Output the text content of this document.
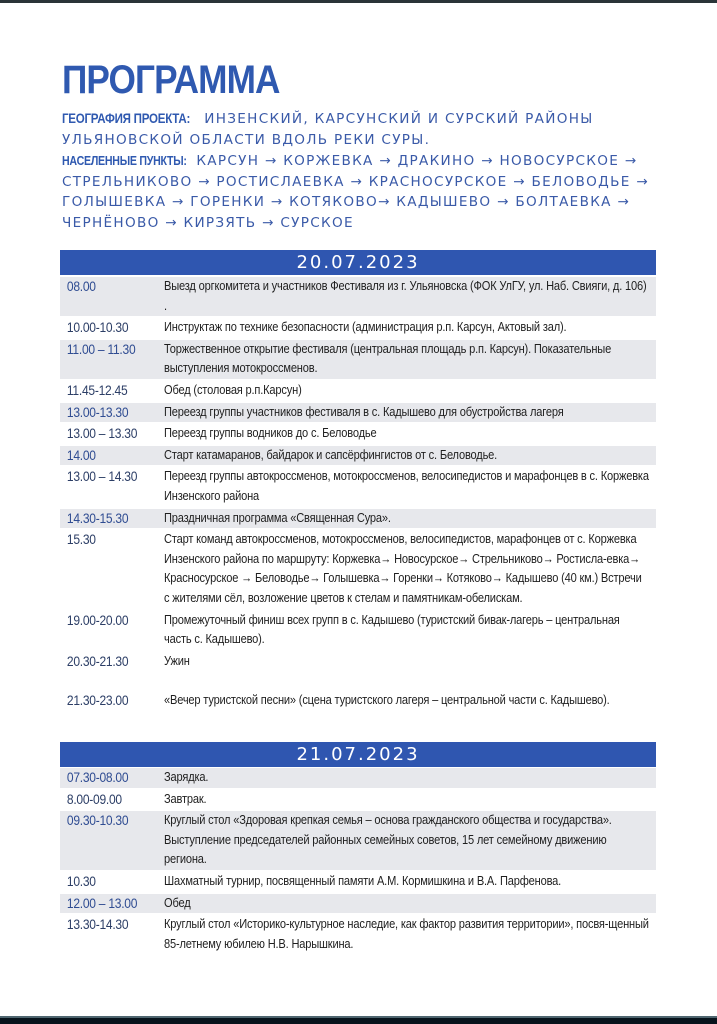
ПРОГРАММА

ГЕОГРАФИЯ ПРОЕКТА: ИНЗЕНСКИЙ, КАРСУНСКИЙ И СУРСКИЙ РАЙОНЫ УЛЬЯНОВСКОЙ ОБЛАСТИ ВДОЛЬ РЕКИ СУРЫ.

НАСЕЛЕННЫЕ ПУНКТЫ: КАРСУН → КОРЖЕВКА → ДРАКИНО → НОВОСУРСКОЕ → СТРЕЛЬНИКОВО → РОСТИСЛАЕВКА → КРАСНОСУРСКОЕ → БЕЛОВОДЬЕ → ГОЛЫШЕВКА → ГОРЕНКИ → КОТЯКОВО→ КАДЫШЕВО → БОЛТАЕВКА → ЧЕРНЁНОВО → КИРЗЯТЬ → СУРСКОЕ

20.07.2023
08.00	Выезд оргкомитета и участников Фестиваля из г. Ульяновска (ФОК УлГУ, ул. Наб. Свияги, д. 106) .
10.00-10.30	Инструктаж по технике безопасности (администрация р.п. Карсун, Актовый зал).
11.00 – 11.30	Торжественное открытие фестиваля (центральная площадь р.п. Карсун). Показательные выступления мотокроссменов.
11.45-12.45	Обед (столовая р.п.Карсун)
13.00-13.30	Переезд группы участников фестиваля в с. Кадышево для обустройства лагеря
13.00 – 13.30	Переезд группы водников до с. Беловодье
14.00	Старт катамаранов, байдарок и сапсёрфингистов от с. Беловодье.
13.00 – 14.30	Переезд группы автокроссменов, мотокроссменов, велосипедистов и марафонцев в с. Коржевка Инзенского района
14.30-15.30	Праздничная программа «Священная Сура».
15.30	Старт команд автокроссменов, мотокроссменов, велосипедистов, марафонцев от с. Коржевка Инзенского района по маршруту: Коржевка→ Новосурское→ Стрельниково→ Ростисла-евка→ Красносурское → Беловодье→ Голышевка→ Горенки→ Котяково→ Кадышево (40 км.) Встречи с жителями сёл, возложение цветов к стелам и памятникам-обелискам.
19.00-20.00	Промежуточный финиш всех групп в с. Кадышево (туристский бивак-лагерь – центральная часть с. Кадышево).
20.30-21.30	Ужин
21.30-23.00	«Вечер туристской песни» (сцена туристского лагеря – центральной части с. Кадышево).
21.07.2023
07.30-08.00	Зарядка.
8.00-09.00	Завтрак.
09.30-10.30	Круглый стол «Здоровая крепкая семья – основа гражданского общества и государства». Выступление председателей районных семейных советов, 15 лет семейному движению региона.
10.30	Шахматный турнир, посвященный памяти А.М. Кормишкина и В.А. Парфенова.
12.00 – 13.00	Обед
13.30-14.30	Круглый стол «Историко-культурное наследие, как фактор развития территории», посвя-щенный 85-летнему юбилею Н.В. Нарышкина.
